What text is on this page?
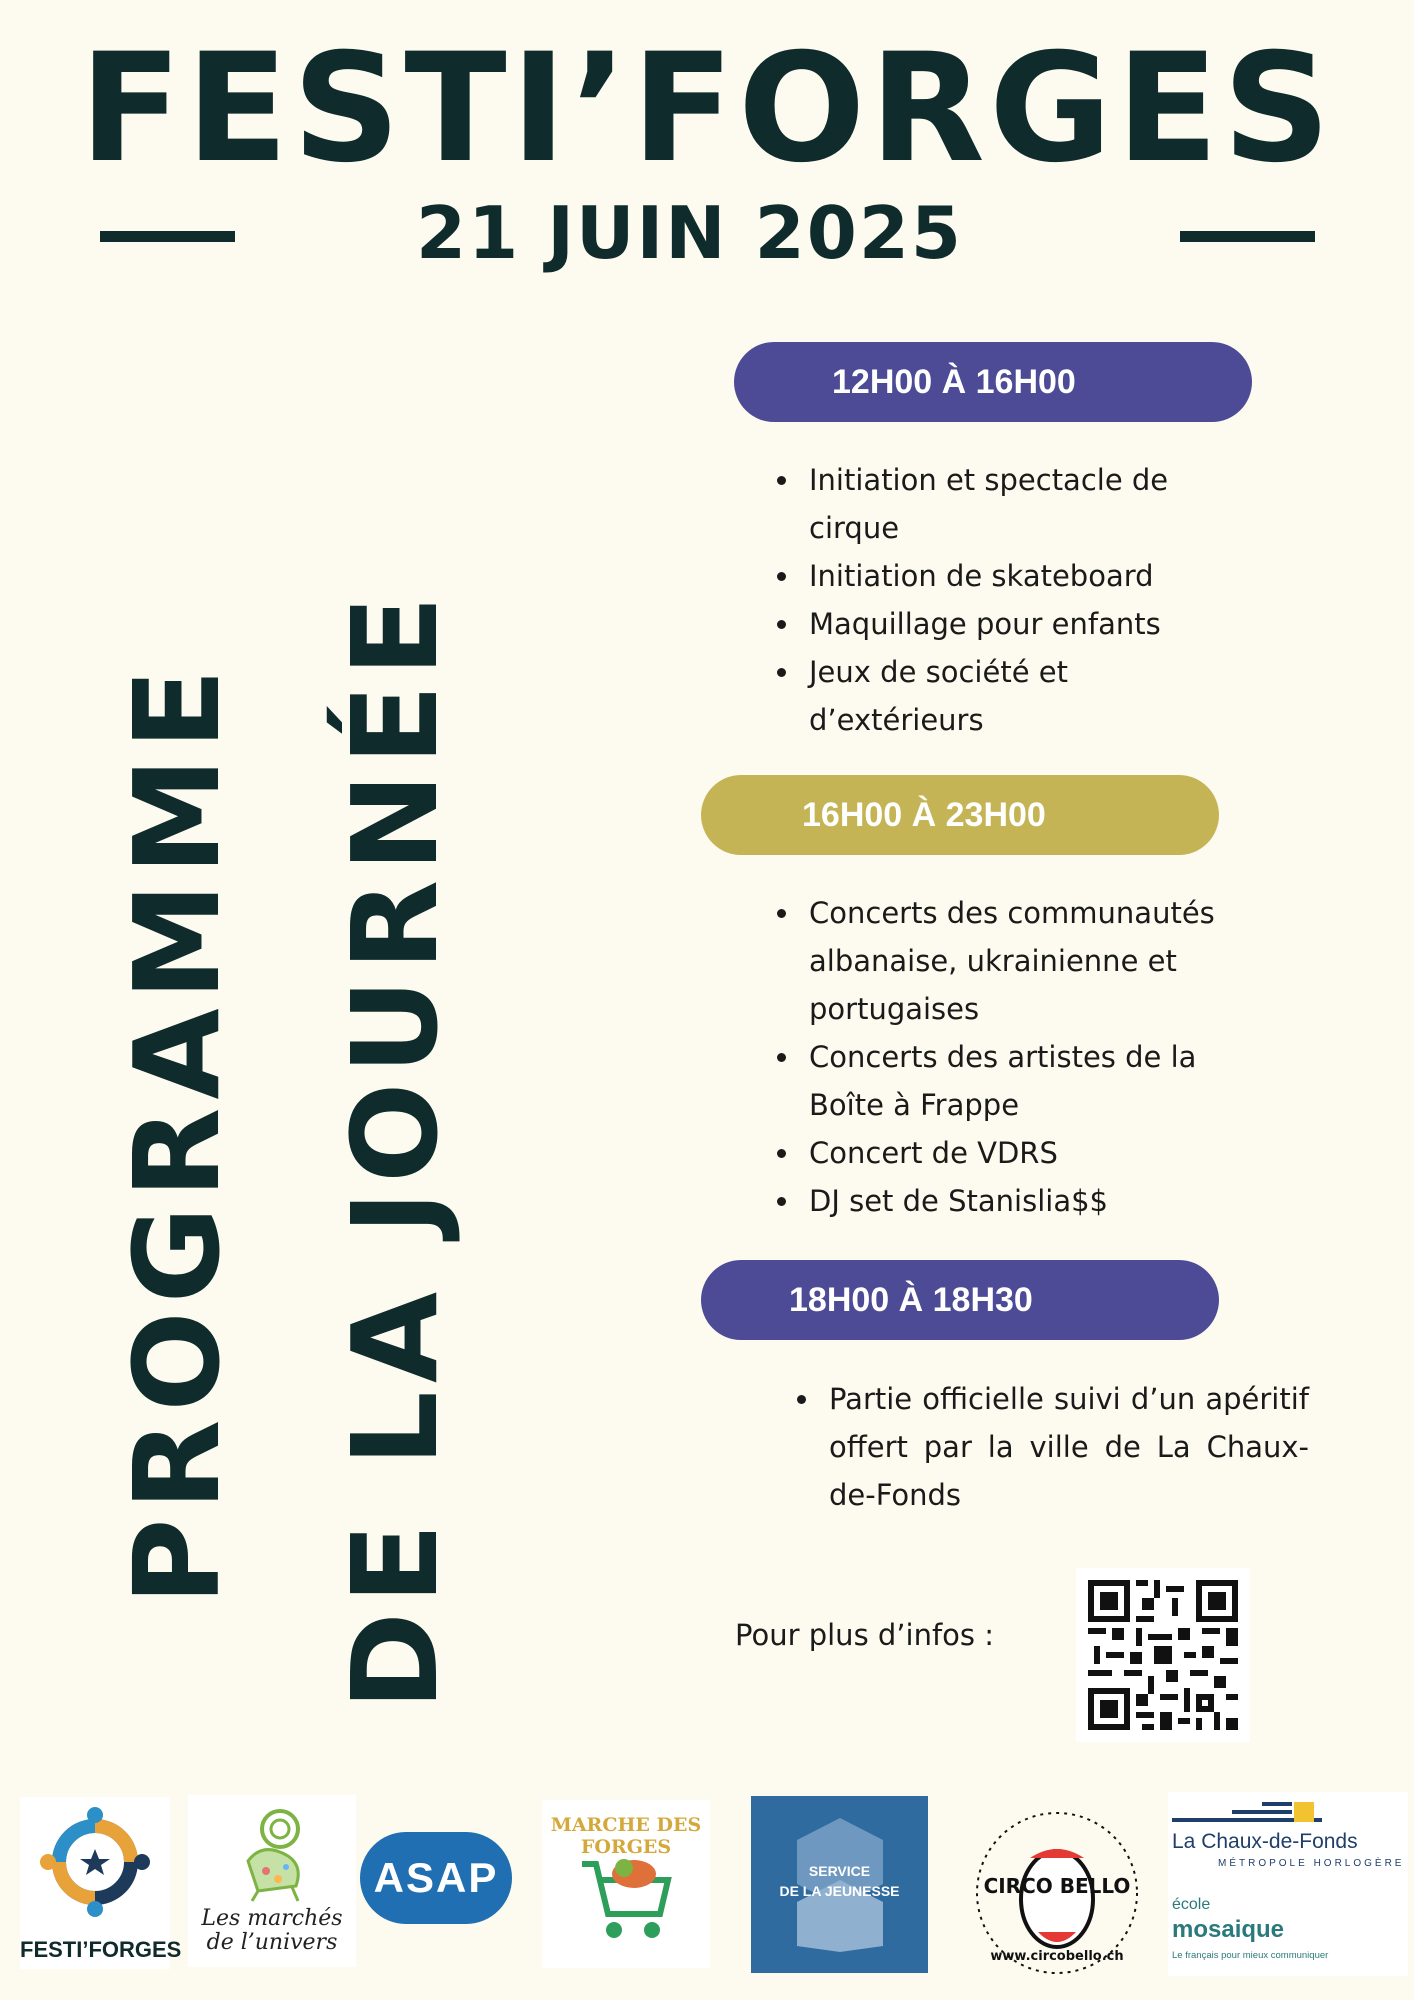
FESTI’FORGES
21 JUIN 2025
PROGRAMME DE LA JOURNÉE
12H00 À 16H00
Initiation et spectacle de cirque
Initiation de skateboard
Maquillage pour enfants
Jeux de société et d’extérieurs
16H00 À 23H00
Concerts des communautés albanaise, ukrainienne et portugaises
Concerts des artistes de la Boîte à Frappe
Concert de VDRS
DJ set de Stanislia$$
18H00 À 18H30
Partie officielle suivi d’un apéritif offert par la ville de La Chaux-de-Fonds
Pour plus d’infos :
FESTI’FORGES
Les marchés de l’univers
ASAP
MARCHE DES FORGES
SERVICE
DE LA JEUNESSE	CIRCO BELLO
www.circobello.ch
La Chaux-de-Fonds
MÉTROPOLE HORLOGÈRE
école
mosaique
Le français pour mieux communiquer
